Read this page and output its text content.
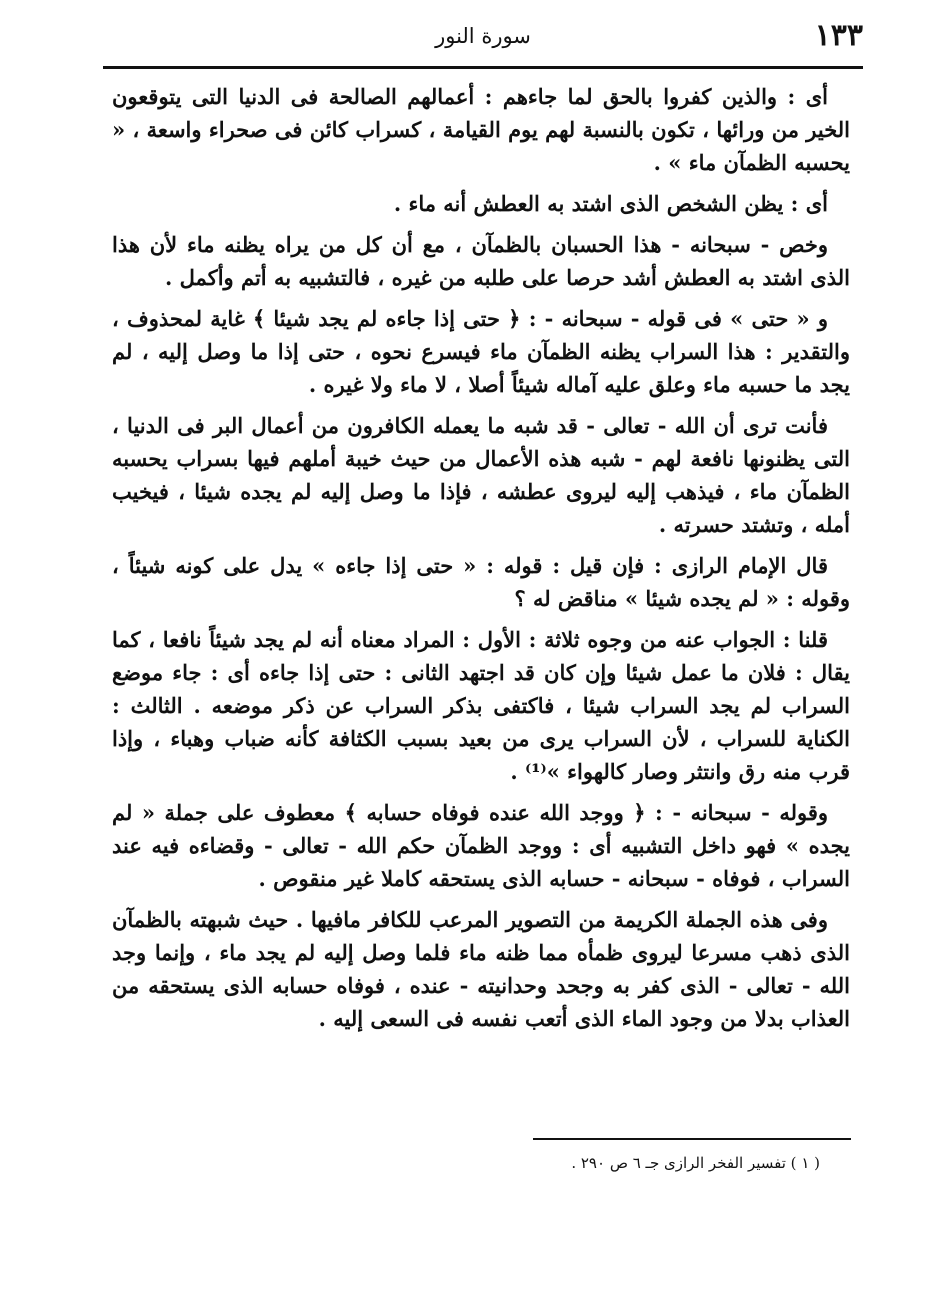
١٣٣
سورة النور

أى : والذين كفروا بالحق لما جاءهم : أعمالهم الصالحة فى الدنيا التى يتوقعون الخير من ورائها ، تكون بالنسبة لهم يوم القيامة ، كسراب كائن فى صحراء واسعة ، « يحسبه الظمآن ماء » .

أى : يظن الشخص الذى اشتد به العطش أنه ماء .

وخص - سبحانه - هذا الحسبان بالظمآن ، مع أن كل من يراه يظنه ماء لأن هذا الذى اشتد به العطش أشد حرصا على طلبه من غيره ، فالتشبيه به أتم وأكمل .

و « حتى » فى قوله - سبحانه - : ﴿ حتى إذا جاءه لم يجد شيئا ﴾ غاية لمحذوف ، والتقدير : هذا السراب يظنه الظمآن ماء فيسرع نحوه ، حتى إذا ما وصل إليه ، لم يجد ما حسبه ماء وعلق عليه آماله شيئاً أصلا ، لا ماء ولا غيره .

فأنت ترى أن الله - تعالى - قد شبه ما يعمله الكافرون من أعمال البر فى الدنيا ، التى يظنونها نافعة لهم - شبه هذه الأعمال من حيث خيبة أملهم فيها بسراب يحسبه الظمآن ماء ، فيذهب إليه ليروى عطشه ، فإذا ما وصل إليه لم يجده شيئا ، فيخيب أمله ، وتشتد حسرته .

قال الإمام الرازى : فإن قيل : قوله : « حتى إذا جاءه » يدل على كونه شيئاً ، وقوله : « لم يجده شيئا » مناقض له ؟

قلنا : الجواب عنه من وجوه ثلاثة : الأول : المراد معناه أنه لم يجد شيئاً نافعا ، كما يقال : فلان ما عمل شيئا وإن كان قد اجتهد الثانى : حتى إذا جاءه أى : جاء موضع السراب لم يجد السراب شيئا ، فاكتفى بذكر السراب عن ذكر موضعه . الثالث : الكناية للسراب ، لأن السراب يرى من بعيد بسبب الكثافة كأنه ضباب وهباء ، وإذا قرب منه رق وانتثر وصار كالهواء »⁽¹⁾ .

وقوله - سبحانه - : ﴿ ووجد الله عنده فوفاه حسابه ﴾ معطوف على جملة « لم يجده » فهو داخل التشبيه أى : ووجد الظمآن حكم الله - تعالى - وقضاءه فيه عند السراب ، فوفاه - سبحانه - حسابه الذى يستحقه كاملا غير منقوص .

وفى هذه الجملة الكريمة من التصوير المرعب للكافر مافيها . حيث شبهته بالظمآن الذى ذهب مسرعا ليروى ظمأه مما ظنه ماء فلما وصل إليه لم يجد ماء ، وإنما وجد الله - تعالى - الذى كفر به وجحد وحدانيته - عنده ، فوفاه حسابه الذى يستحقه من العذاب بدلا من وجود الماء الذى أتعب نفسه فى السعى إليه .

( ١ ) تفسير الفخر الرازى جـ ٦ ص ٢٩٠ .
